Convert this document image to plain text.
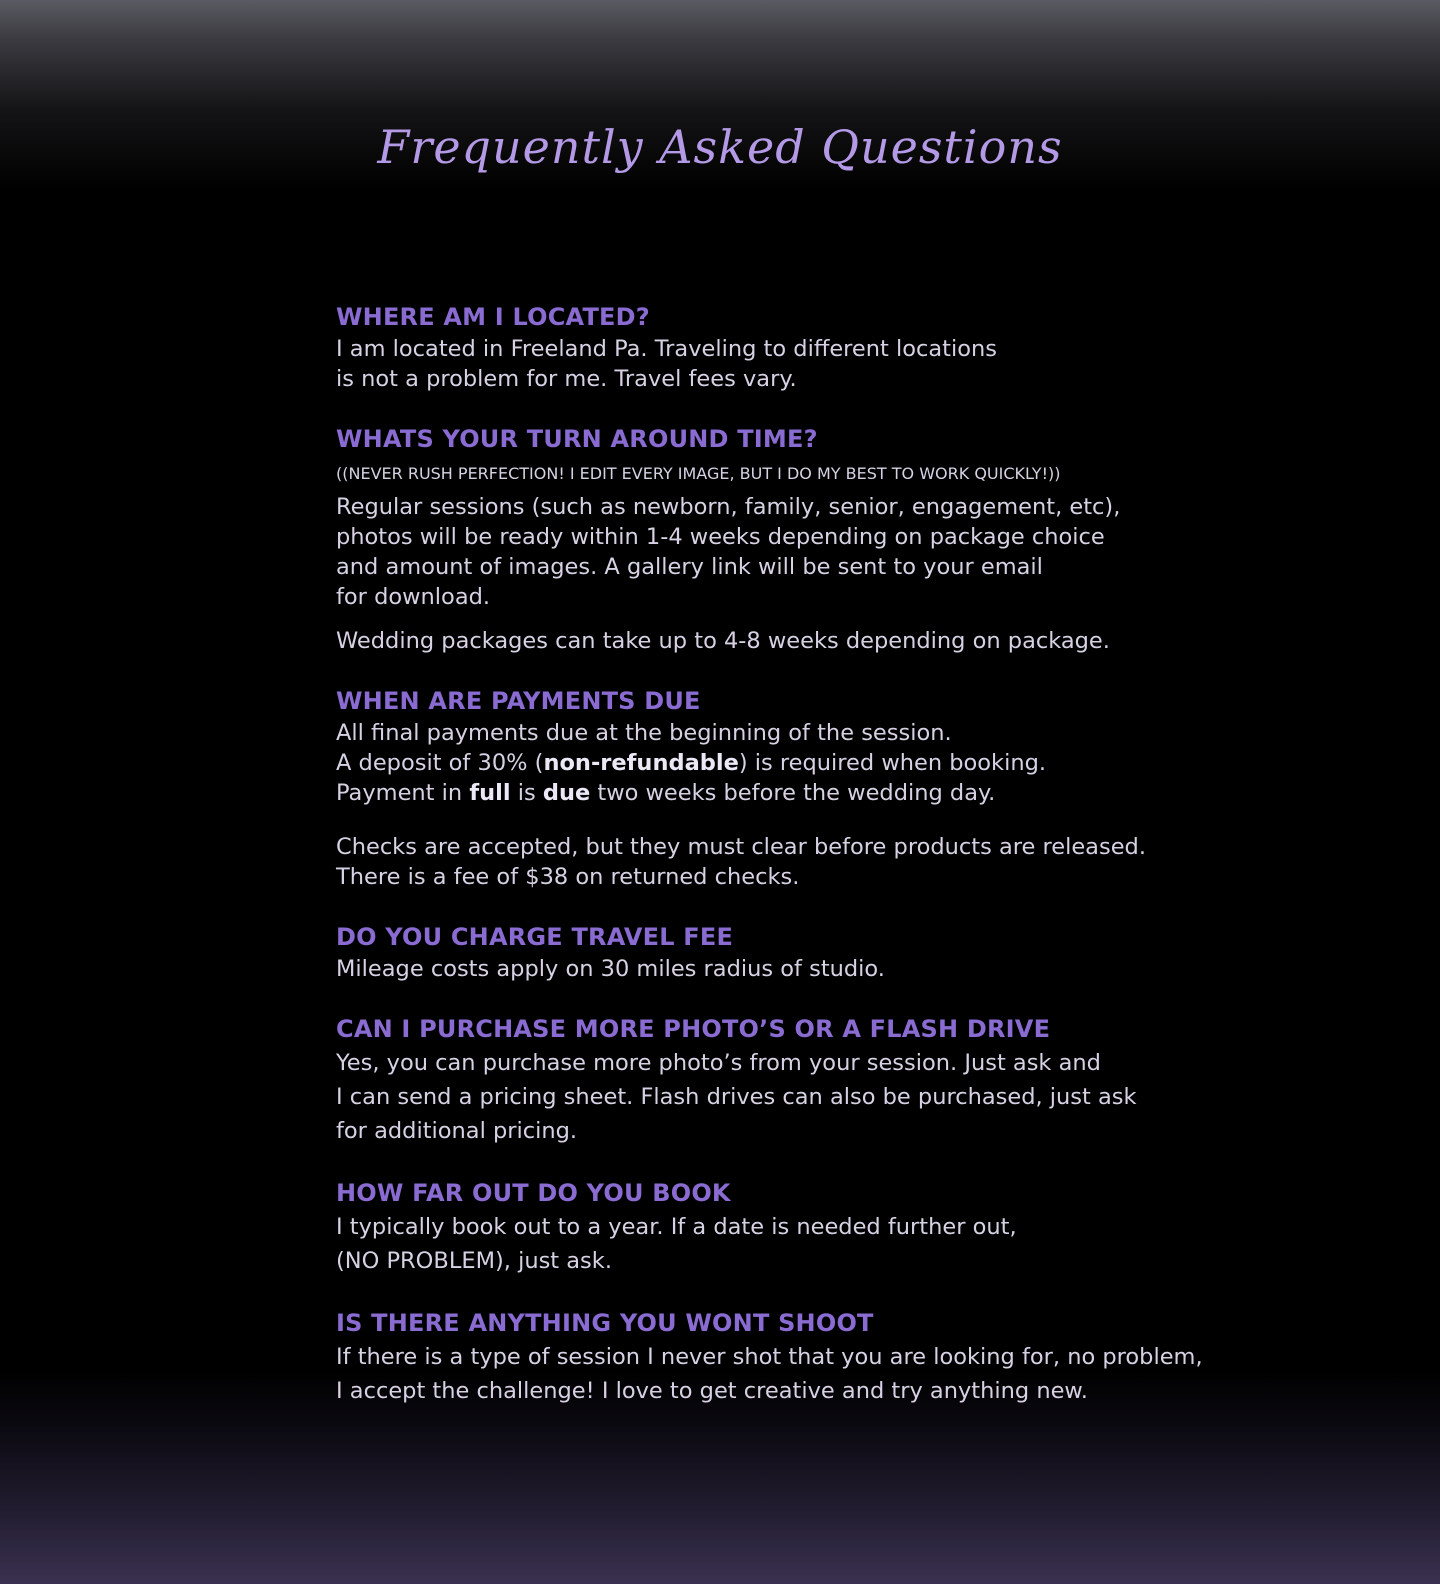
Frequently Asked Questions

WHERE AM I LOCATED?

I am located in Freeland Pa. Traveling to different locations
is not a problem for me. Travel fees vary.

WHATS YOUR TURN AROUND TIME?

((NEVER RUSH PERFECTION! I EDIT EVERY IMAGE, BUT I DO MY BEST TO WORK QUICKLY!))

Regular sessions (such as newborn, family, senior, engagement, etc),
photos will be ready within 1-4 weeks depending on package choice
and amount of images. A gallery link will be sent to your email
for download.

Wedding packages can take up to 4-8 weeks depending on package.

WHEN ARE PAYMENTS DUE

All final payments due at the beginning of the session.

A deposit of 30% (non-refundable) is required when booking.

Payment in full is due two weeks before the wedding day.

Checks are accepted, but they must clear before products are released.
There is a fee of $38 on returned checks.

DO YOU CHARGE TRAVEL FEE

Mileage costs apply on 30 miles radius of studio.

CAN I PURCHASE MORE PHOTO’S OR A FLASH DRIVE

Yes, you can purchase more photo’s from your session. Just ask and
I can send a pricing sheet. Flash drives can also be purchased, just ask
for additional pricing.

HOW FAR OUT DO YOU BOOK

I typically book out to a year. If a date is needed further out,
(NO PROBLEM), just ask.

IS THERE ANYTHING YOU WONT SHOOT

If there is a type of session I never shot that you are looking for, no problem,
I accept the challenge! I love to get creative and try anything new.
